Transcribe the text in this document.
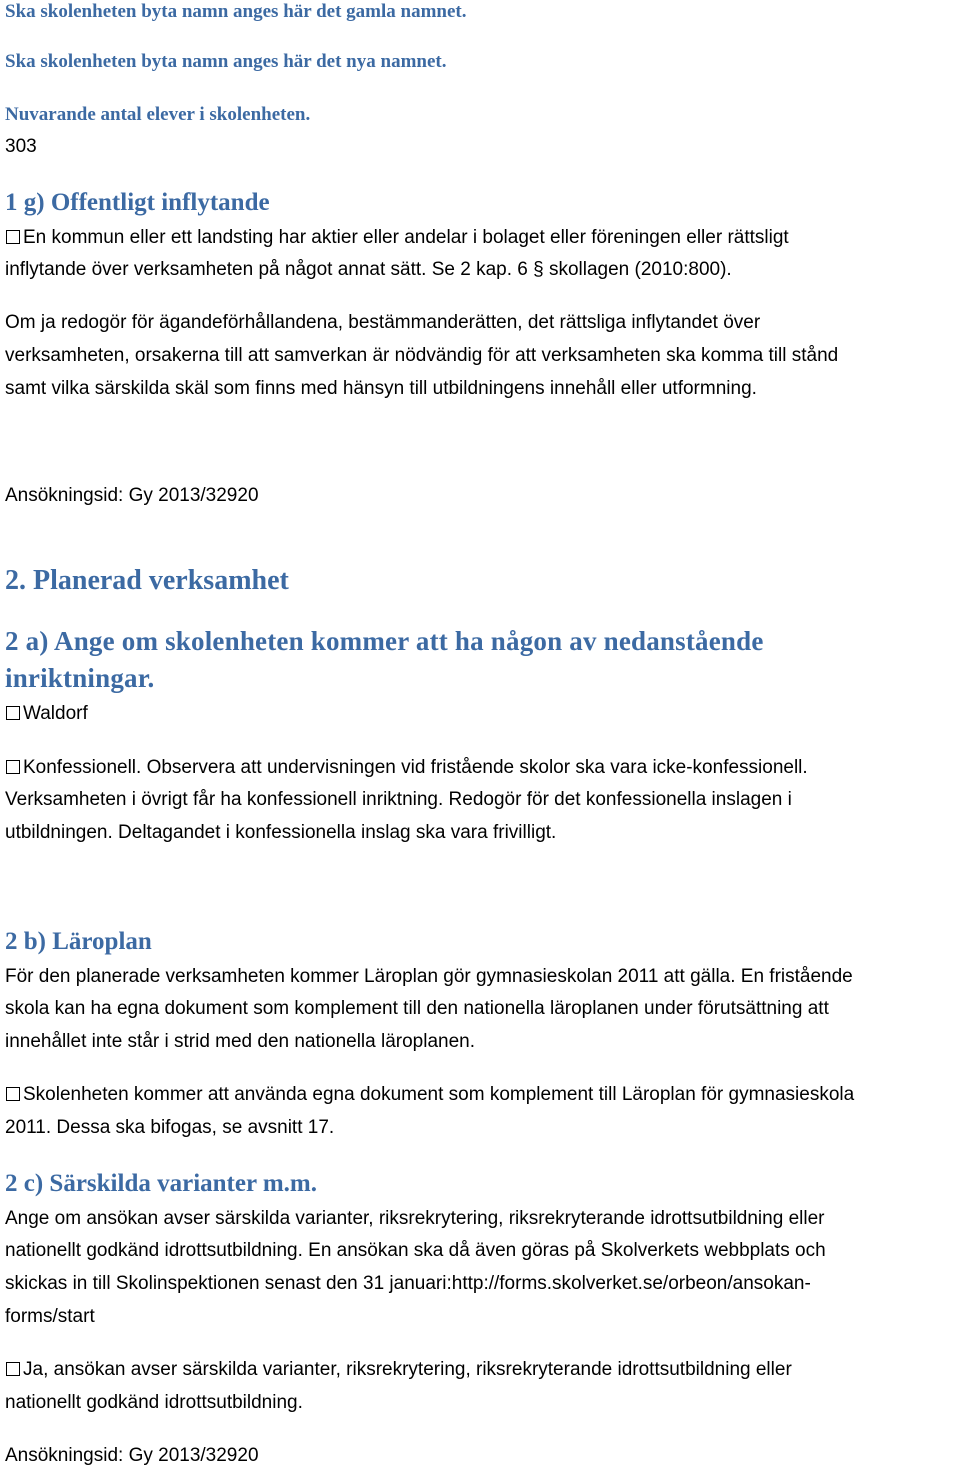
Ska skolenheten byta namn anges här det gamla namnet.
Ska skolenheten byta namn anges här det nya namnet.
Nuvarande antal elever i skolenheten.
303
1 g) Offentligt inflytande
En kommun eller ett landsting har aktier eller andelar i bolaget eller föreningen eller rättsligt
inflytande över verksamheten på något annat sätt. Se 2 kap. 6 § skollagen (2010:800).
Om ja redogör för ägandeförhållandena, bestämmanderätten, det rättsliga inflytandet över
verksamheten, orsakerna till att samverkan är nödvändig för att verksamheten ska komma till stånd
samt vilka särskilda skäl som finns med hänsyn till utbildningens innehåll eller utformning.
Ansökningsid: Gy 2013/32920
2. Planerad verksamhet
2 a) Ange om skolenheten kommer att ha någon av nedanstående
inriktningar.
Waldorf
Konfessionell. Observera att undervisningen vid fristående skolor ska vara icke-konfessionell.
Verksamheten i övrigt får ha konfessionell inriktning. Redogör för det konfessionella inslagen i
utbildningen. Deltagandet i konfessionella inslag ska vara frivilligt.
2 b) Läroplan
För den planerade verksamheten kommer Läroplan gör gymnasieskolan 2011 att gälla. En fristående
skola kan ha egna dokument som komplement till den nationella läroplanen under förutsättning att
innehållet inte står i strid med den nationella läroplanen.
Skolenheten kommer att använda egna dokument som komplement till Läroplan för gymnasieskola
2011. Dessa ska bifogas, se avsnitt 17.
2 c) Särskilda varianter m.m.
Ange om ansökan avser särskilda varianter, riksrekrytering, riksrekryterande idrottsutbildning eller
nationellt godkänd idrottsutbildning. En ansökan ska då även göras på Skolverkets webbplats och
skickas in till Skolinspektionen senast den 31 januari:http://forms.skolverket.se/orbeon/ansokan-
forms/start
Ja, ansökan avser särskilda varianter, riksrekrytering, riksrekryterande idrottsutbildning eller
nationellt godkänd idrottsutbildning.
Ansökningsid: Gy 2013/32920
